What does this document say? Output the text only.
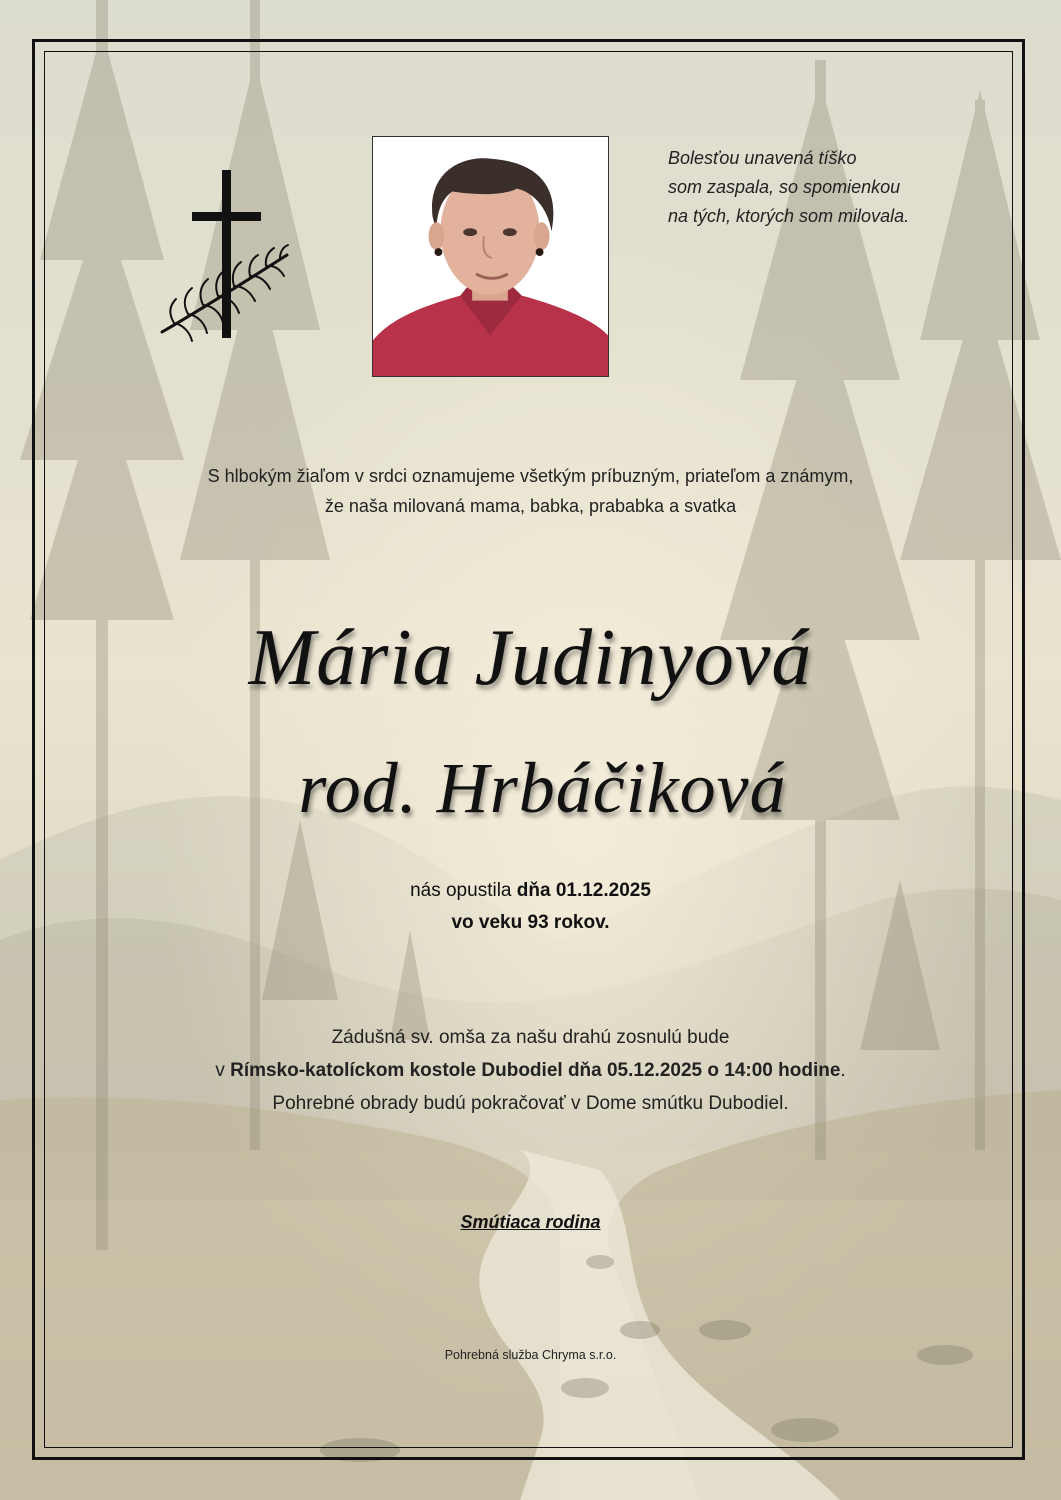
Bolesťou unavená tíško
som zaspala, so spomienkou
na tých, ktorých som milovala.

S hlbokým žiaľom v srdci oznamujeme všetkým príbuzným, priateľom a známym,
že naša milovaná mama, babka, prababka a svatka
Mária Judinyová
rod. Hrbáčiková
nás opustila dňa 01.12.2025
vo veku 93 rokov.
Zádušná sv. omša za našu drahú zosnulú bude
v Rímsko-katolíckom kostole Dubodiel dňa 05.12.2025 o 14:00 hodine.
Pohrebné obrady budú pokračovať v Dome smútku Dubodiel.
Smútiaca rodina
Pohrebná služba Chryma s.r.o.
